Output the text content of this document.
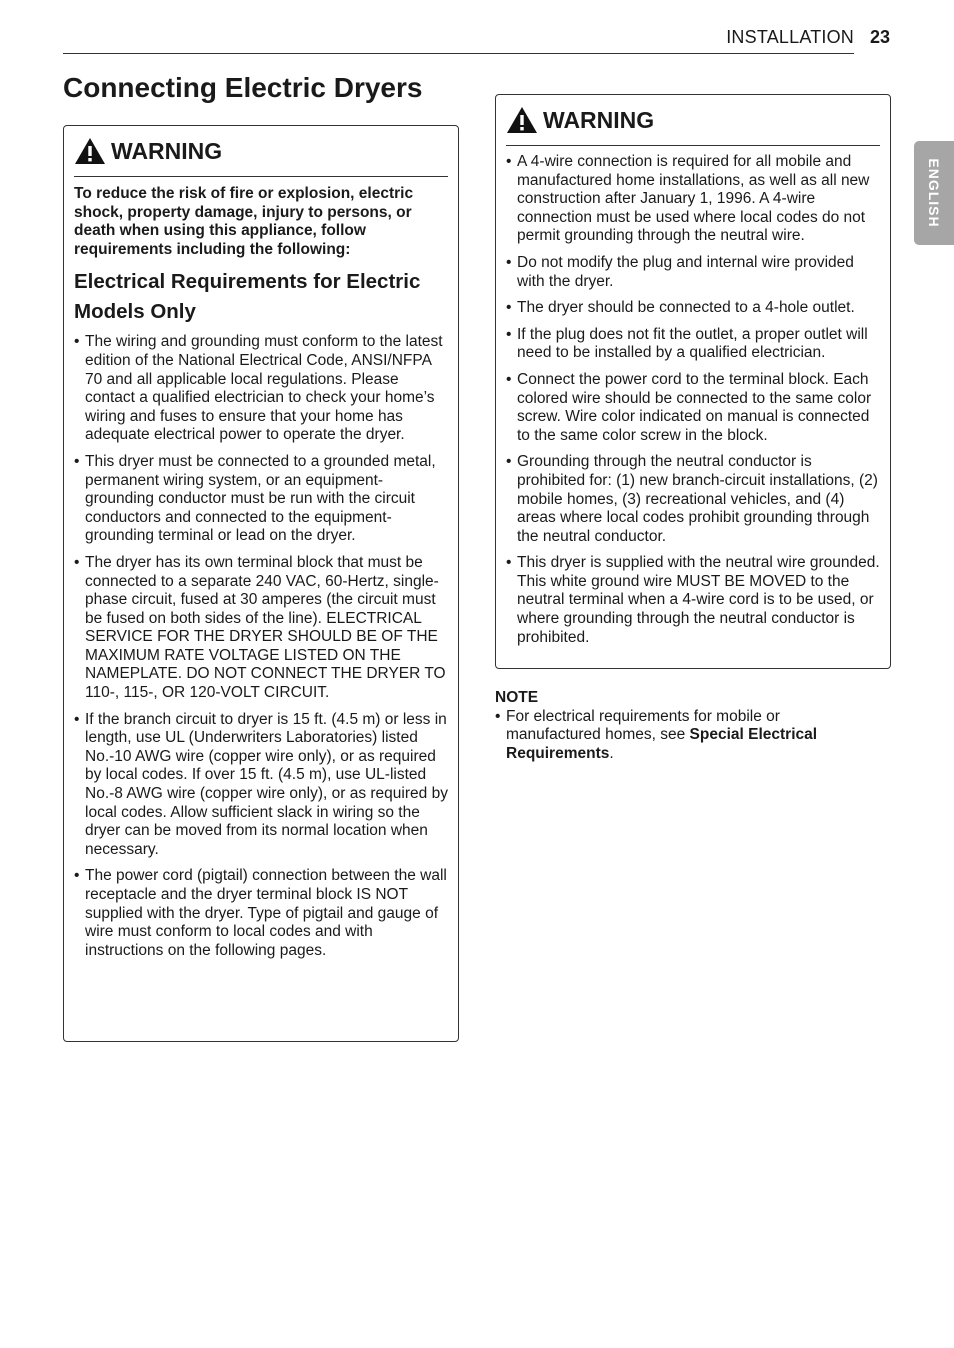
INSTALLATION 23
ENGLISH
Connecting Electric Dryers
WARNING

To reduce the risk of fire or explosion, electric shock, property damage, injury to persons, or death when using this appliance, follow requirements including the following:

Electrical Requirements for Electric Models Only
• The wiring and grounding must conform to the latest edition of the National Electrical Code, ANSI/NFPA 70 and all applicable local regulations. Please contact a qualified electrician to check your home’s wiring and fuses to ensure that your home has adequate electrical power to operate the dryer.
• This dryer must be connected to a grounded metal, permanent wiring system, or an equipment-grounding conductor must be run with the circuit conductors and connected to the equipment-grounding terminal or lead on the dryer.
• The dryer has its own terminal block that must be connected to a separate 240 VAC, 60-Hertz, single-phase circuit, fused at 30 amperes (the circuit must be fused on both sides of the line). ELECTRICAL SERVICE FOR THE DRYER SHOULD BE OF THE MAXIMUM RATE VOLTAGE LISTED ON THE NAMEPLATE. DO NOT CONNECT THE DRYER TO 110-, 115-, OR 120-VOLT CIRCUIT.
• If the branch circuit to dryer is 15 ft. (4.5 m) or less in length, use UL (Underwriters Laboratories) listed No.-10 AWG wire (copper wire only), or as required by local codes. If over 15 ft. (4.5 m), use UL-listed No.-8 AWG wire (copper wire only), or as required by local codes. Allow sufficient slack in wiring so the dryer can be moved from its normal location when necessary.
• The power cord (pigtail) connection between the wall receptacle and the dryer terminal block IS NOT supplied with the dryer. Type of pigtail and gauge of wire must conform to local codes and with instructions on the following pages.
WARNING
• A 4-wire connection is required for all mobile and manufactured home installations, as well as all new construction after January 1, 1996. A 4-wire connection must be used where local codes do not permit grounding through the neutral wire.
• Do not modify the plug and internal wire provided with the dryer.
• The dryer should be connected to a 4-hole outlet.
• If the plug does not fit the outlet, a proper outlet will need to be installed by a qualified electrician.
• Connect the power cord to the terminal block. Each colored wire should be connected to the same color screw. Wire color indicated on manual is connected to the same color screw in the block.
• Grounding through the neutral conductor is prohibited for: (1) new branch-circuit installations, (2) mobile homes, (3) recreational vehicles, and (4) areas where local codes prohibit grounding through the neutral conductor.
• This dryer is supplied with the neutral wire grounded. This white ground wire MUST BE MOVED to the neutral terminal when a 4-wire cord is to be used, or where grounding through the neutral conductor is prohibited.
NOTE
• For electrical requirements for mobile or manufactured homes, see Special Electrical Requirements.
